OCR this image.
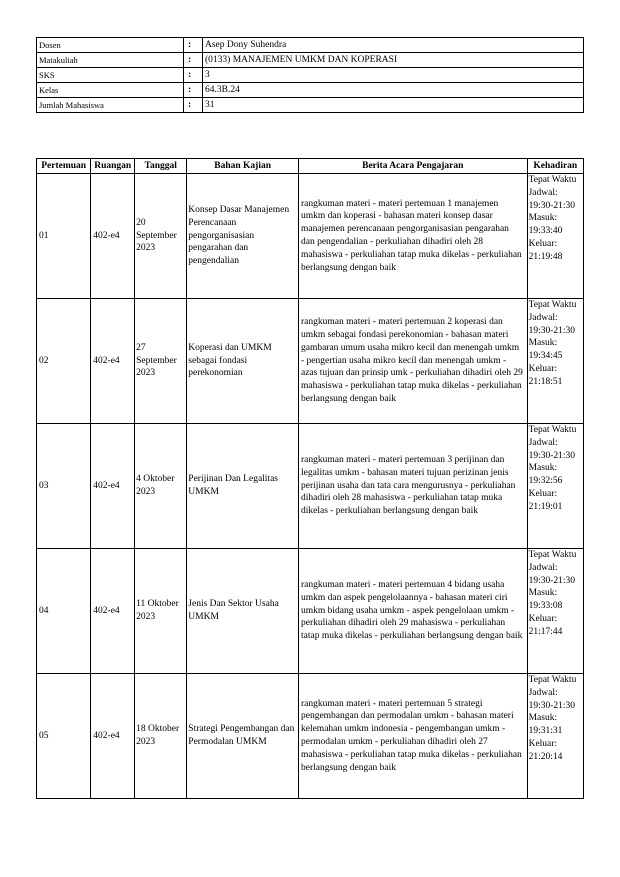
Dosen	:	Asep Dony Suhendra
Matakuliah	:	(0133) MANAJEMEN UMKM DAN KOPERASI
SKS	:	3
Kelas	:	64.3B.24
Jumlah Mahasiswa	:	31
Pertemuan	Ruangan	Tanggal	Bahan Kajian	Berita Acara Pengajaran	Kehadiran
01	402-e4	20 September 2023	Konsep Dasar Manajemen Perencanaan pengorganisasian pengarahan dan pengendalian	rangkuman materi - materi pertemuan 1 manajemen umkm dan koperasi - bahasan materi konsep dasar manajemen perencanaan pengorganisasian pengarahan dan pengendalian - perkuliahan dihadiri oleh 28 mahasiswa - perkuliahan tatap muka dikelas - perkuliahan berlangsung dengan baik	Tepat Waktu Jadwal: 19:30-21:30 Masuk: 19:33:40 Keluar: 21:19:48
02	402-e4	27 September 2023	Koperasi dan UMKM sebagai fondasi perekonomian	rangkuman materi - materi pertemuan 2 koperasi dan umkm sebagai fondasi perekonomian - bahasan materi gambaran umum usaha mikro kecil dan menengah umkm - pengertian usaha mikro kecil dan menengah umkm - azas tujuan dan prinsip umk - perkuliahan dihadiri oleh 29 mahasiswa - perkuliahan tatap muka dikelas - perkuliahan berlangsung dengan baik	Tepat Waktu Jadwal: 19:30-21:30 Masuk: 19:34:45 Keluar: 21:18:51
03	402-e4	4 Oktober 2023	Perijinan Dan Legalitas UMKM	rangkuman materi - materi pertemuan 3 perijinan dan legalitas umkm - bahasan materi tujuan perizinan jenis perijinan usaha dan tata cara mengurusnya - perkuliahan dihadiri oleh 28 mahasiswa - perkuliahan tatap muka dikelas - perkuliahan berlangsung dengan baik	Tepat Waktu Jadwal: 19:30-21:30 Masuk: 19:32:56 Keluar: 21:19:01
04	402-e4	11 Oktober 2023	Jenis Dan Sektor Usaha UMKM	rangkuman materi - materi pertemuan 4 bidang usaha umkm dan aspek pengelolaannya - bahasan materi ciri umkm bidang usaha umkm - aspek pengelolaan umkm - perkuliahan dihadiri oleh 29 mahasiswa - perkuliahan tatap muka dikelas - perkuliahan berlangsung dengan baik	Tepat Waktu Jadwal: 19:30-21:30 Masuk: 19:33:08 Keluar: 21:17:44
05	402-e4	18 Oktober 2023	Strategi Pengembangan dan Permodalan UMKM	rangkuman materi - materi pertemuan 5 strategi pengembangan dan permodalan umkm - bahasan materi kelemahan umkm indonesia - pengembangan umkm - permodalan umkm - perkuliahan dihadiri oleh 27 mahasiswa - perkuliahan tatap muka dikelas - perkuliahan berlangsung dengan baik	Tepat Waktu Jadwal: 19:30-21:30 Masuk: 19:31:31 Keluar: 21:20:14
